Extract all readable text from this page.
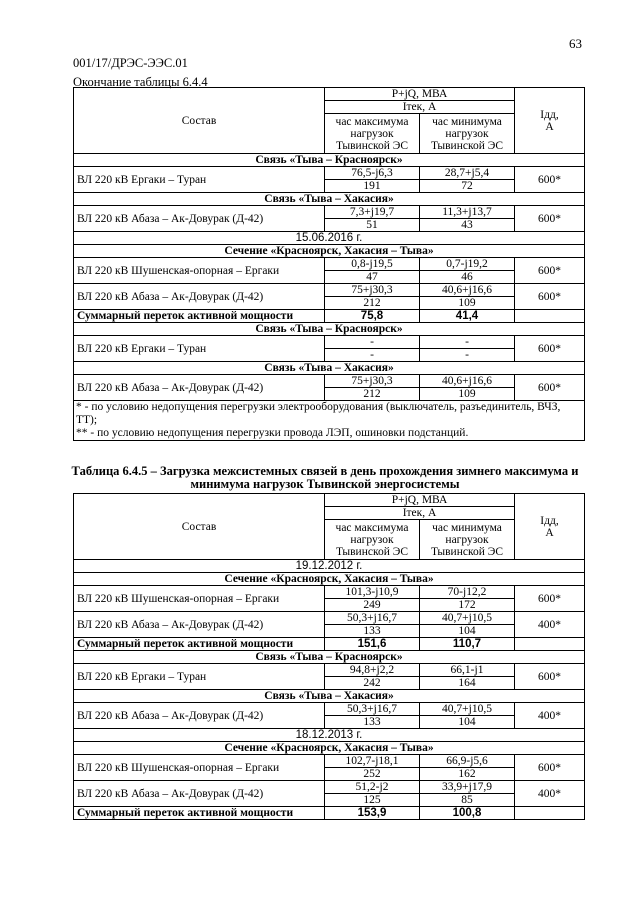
63
001/17/ДРЭС-ЭЭС.01
Окончание таблицы 6.4.4
Состав	P+jQ, МВА		Iдд,
А
	Iтек, А		
	час максимума
нагрузок
Тывинской ЭС	час минимума
нагрузок
Тывинской ЭС	
Связь «Тыва – Красноярск»			
ВЛ 220 кВ Ергаки – Туран	76,5-j6,3	28,7+j5,4	600*
	191	72	
Связь «Тыва – Хакасия»			
ВЛ 220 кВ Абаза – Ак-Довурак (Д-42)	7,3+j19,7	11,3+j13,7	600*
	51	43	
15.06.2016 г.			
Сечение «Красноярск, Хакасия – Тыва»			
ВЛ 220 кВ Шушенская-опорная – Ергаки	0,8-j19,5	0,7-j19,2	600*
	47	46	
ВЛ 220 кВ Абаза – Ак-Довурак (Д-42)	75+j30,3	40,6+j16,6	600*
	212	109	
Суммарный переток активной мощности	75,8	41,4	
Связь «Тыва – Красноярск»			
ВЛ 220 кВ Ергаки – Туран	-	-	600*
	-	-	
Связь «Тыва – Хакасия»			
ВЛ 220 кВ Абаза – Ак-Довурак (Д-42)	75+j30,3	40,6+j16,6	600*
	212	109	

* - по условию недопущения перегрузки электрооборудования (выключатель, разъединитель, ВЧЗ, ТТ);
** - по условию недопущения перегрузки провода ЛЭП, ошиновки подстанций.			
Таблица 6.4.5 – Загрузка межсистемных связей в день прохождения зимнего максимума и
минимума нагрузок Тывинской энергосистемы
Состав	P+jQ, МВА		Iдд,
А
	Iтек, А		
	час максимума
нагрузок
Тывинской ЭС	час минимума
нагрузок
Тывинской ЭС	
19.12.2012 г.			
Сечение «Красноярск, Хакасия – Тыва»			
ВЛ 220 кВ Шушенская-опорная – Ергаки	101,3-j10,9	70-j12,2	600*
	249	172	
ВЛ 220 кВ Абаза – Ак-Довурак (Д-42)	50,3+j16,7	40,7+j10,5	400*
	133	104	
Суммарный переток активной мощности	151,6	110,7	
Связь «Тыва – Красноярск»			
ВЛ 220 кВ Ергаки – Туран	94,8+j2,2	66,1-j1	600*
	242	164	
Связь «Тыва – Хакасия»			
ВЛ 220 кВ Абаза – Ак-Довурак (Д-42)	50,3+j16,7	40,7+j10,5	400*
	133	104	
18.12.2013 г.			
Сечение «Красноярск, Хакасия – Тыва»			
ВЛ 220 кВ Шушенская-опорная – Ергаки	102,7-j18,1	66,9-j5,6	600*
	252	162	
ВЛ 220 кВ Абаза – Ак-Довурак (Д-42)	51,2-j2	33,9+j17,9	400*
	125	85	
Суммарный переток активной мощности	153,9	100,8	
